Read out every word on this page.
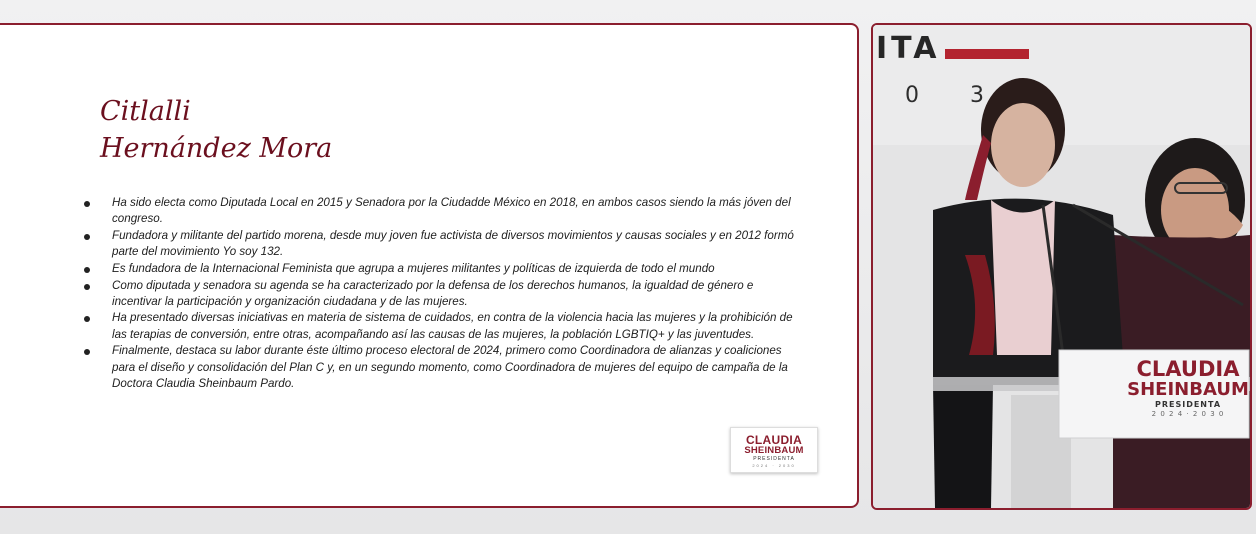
Citlalli
Hernández Mora
Ha sido electa como Diputada Local en 2015 y Senadora por la Ciudadde México en 2018, en ambos casos siendo la más jóven del congreso.
Fundadora y militante del partido morena, desde muy joven fue activista de diversos movimientos y causas sociales y en 2012 formó parte del movimiento Yo soy 132.
Es fundadora de la Internacional Feminista que agrupa a mujeres militantes y políticas de izquierda de todo el mundo
Como diputada y senadora su agenda se ha caracterizado por la defensa de los derechos humanos, la igualdad de género e incentivar la participación y organización ciudadana y de las mujeres.
Ha presentado diversas iniciativas en materia de sistema de cuidados, en contra de la violencia hacia las mujeres y la prohibición de las terapias de conversión, entre otras, acompañando así las causas de las mujeres, la población LGBTIQ+ y las juventudes.
Finalmente, destaca su labor durante éste último proceso electoral de 2024, primero como Coordinadora de alianzas y coaliciones para el diseño y consolidación del Plan C y, en un segundo momento, como Coordinadora de mujeres del equipo de campaña de la Doctora Claudia Sheinbaum Pardo.
CLAUDIA
SHEINBAUM
PRESIDENTA
2024 · 2030
ITA
0 3
CLAUDIA
SHEINBAUM
PRESIDENTA
2 0 2 4 · 2 0 3 0
